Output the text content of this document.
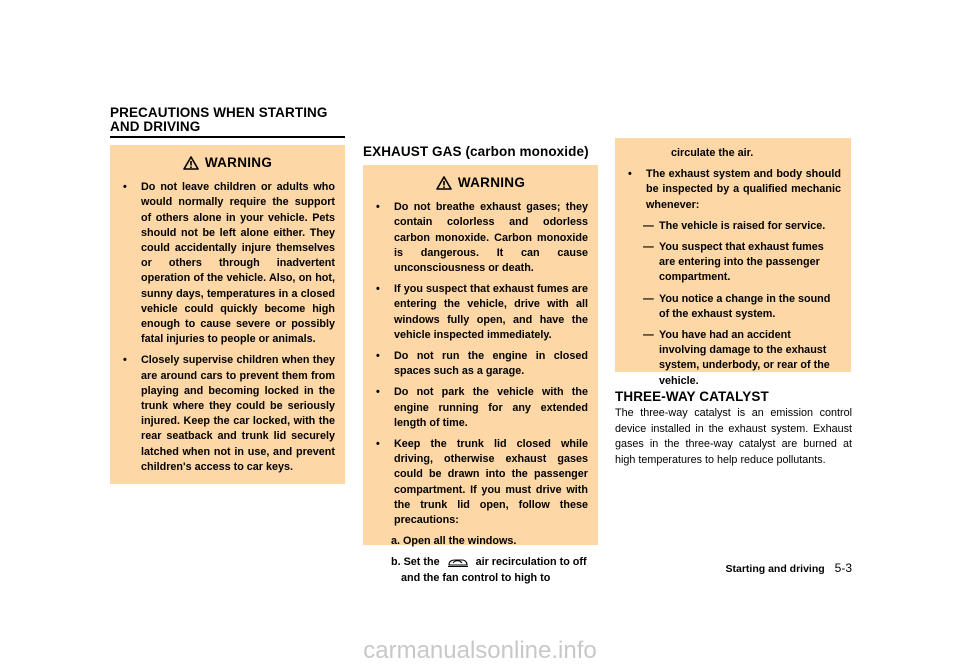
PRECAUTIONS WHEN STARTING
AND DRIVING
WARNING
•	Do not leave children or adults who would normally require the support of others alone in your vehicle. Pets should not be left alone either. They could accidentally injure themselves or others through inadvertent operation of the vehicle. Also, on hot, sunny days, temperatures in a closed vehicle could quickly become high enough to cause severe or possibly fatal injuries to people or animals.
•	Closely supervise children when they are around cars to prevent them from playing and becoming locked in the trunk where they could be seriously injured. Keep the car locked, with the rear seatback and trunk lid securely latched when not in use, and prevent children's access to car keys.
EXHAUST GAS (carbon monoxide)
WARNING
•	Do not breathe exhaust gases; they contain colorless and odorless carbon monoxide. Carbon monoxide is dangerous. It can cause unconsciousness or death.
•	If you suspect that exhaust fumes are entering the vehicle, drive with all windows fully open, and have the vehicle inspected immediately.
•	Do not run the engine in closed spaces such as a garage.
•	Do not park the vehicle with the engine running for any extended length of time.
•	Keep the trunk lid closed while driving, otherwise exhaust gases could be drawn into the passenger compartment. If you must drive with the trunk lid open, follow these precautions:
a. Open all the windows.
b. Set the	air recirculation to off and the fan control to high to
circulate the air.
•	The exhaust system and body should be inspected by a qualified mechanic whenever:
— The vehicle is raised for service.
— You suspect that exhaust fumes are entering into the passenger compartment.
— You notice a change in the sound of the exhaust system.
— You have had an accident involving damage to the exhaust system, underbody, or rear of the vehicle.
THREE-WAY CATALYST
The three-way catalyst is an emission control device installed in the exhaust system. Exhaust gases in the three-way catalyst are burned at high temperatures to help reduce pollutants.
Starting and driving 5-3
carmanualsonline.info
